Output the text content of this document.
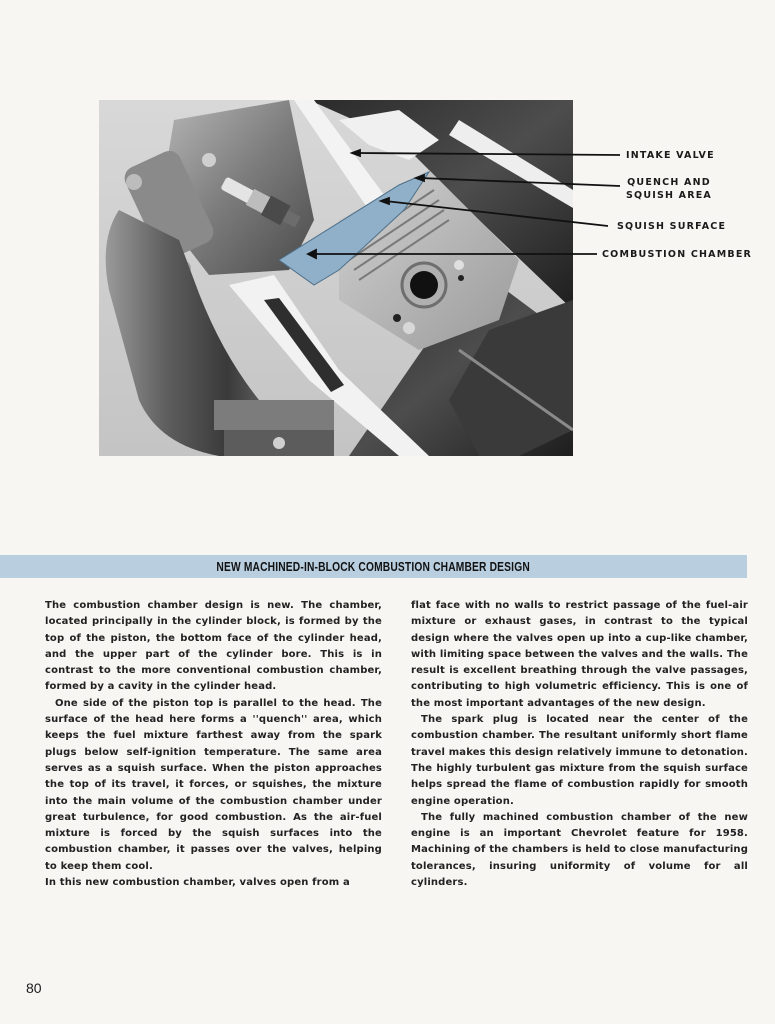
INTAKE VALVE
QUENCH AND
SQUISH AREA
SQUISH SURFACE
COMBUSTION CHAMBER
NEW MACHINED-IN-BLOCK COMBUSTION CHAMBER DESIGN

The combustion chamber design is new. The chamber, located principally in the cylinder block, is formed by the top of the piston, the bottom face of the cylinder head, and the upper part of the cylinder bore. This is in contrast to the more conventional combustion chamber, formed by a cavity in the cylinder head.

One side of the piston top is parallel to the head. The surface of the head here forms a ''quench'' area, which keeps the fuel mixture farthest away from the spark plugs below self-ignition temperature. The same area serves as a squish surface. When the piston approaches the top of its travel, it forces, or squishes, the mixture into the main volume of the combustion chamber under great turbulence, for good combustion. As the air-fuel mixture is forced by the squish surfaces into the combustion chamber, it passes over the valves, helping to keep them cool.

In this new combustion chamber, valves open from a

flat face with no walls to restrict passage of the fuel-air mixture or exhaust gases, in contrast to the typical design where the valves open up into a cup-like chamber, with limiting space between the valves and the walls. The result is excellent breathing through the valve passages, contributing to high volumetric efficiency. This is one of the most important advantages of the new design.

The spark plug is located near the center of the combustion chamber. The resultant uniformly short flame travel makes this design relatively immune to detonation. The highly turbulent gas mixture from the squish surface helps spread the flame of combustion rapidly for smooth engine operation.

The fully machined combustion chamber of the new engine is an important Chevrolet feature for 1958. Machining of the chambers is held to close manufacturing tolerances, insuring uniformity of volume for all cylinders.

80
